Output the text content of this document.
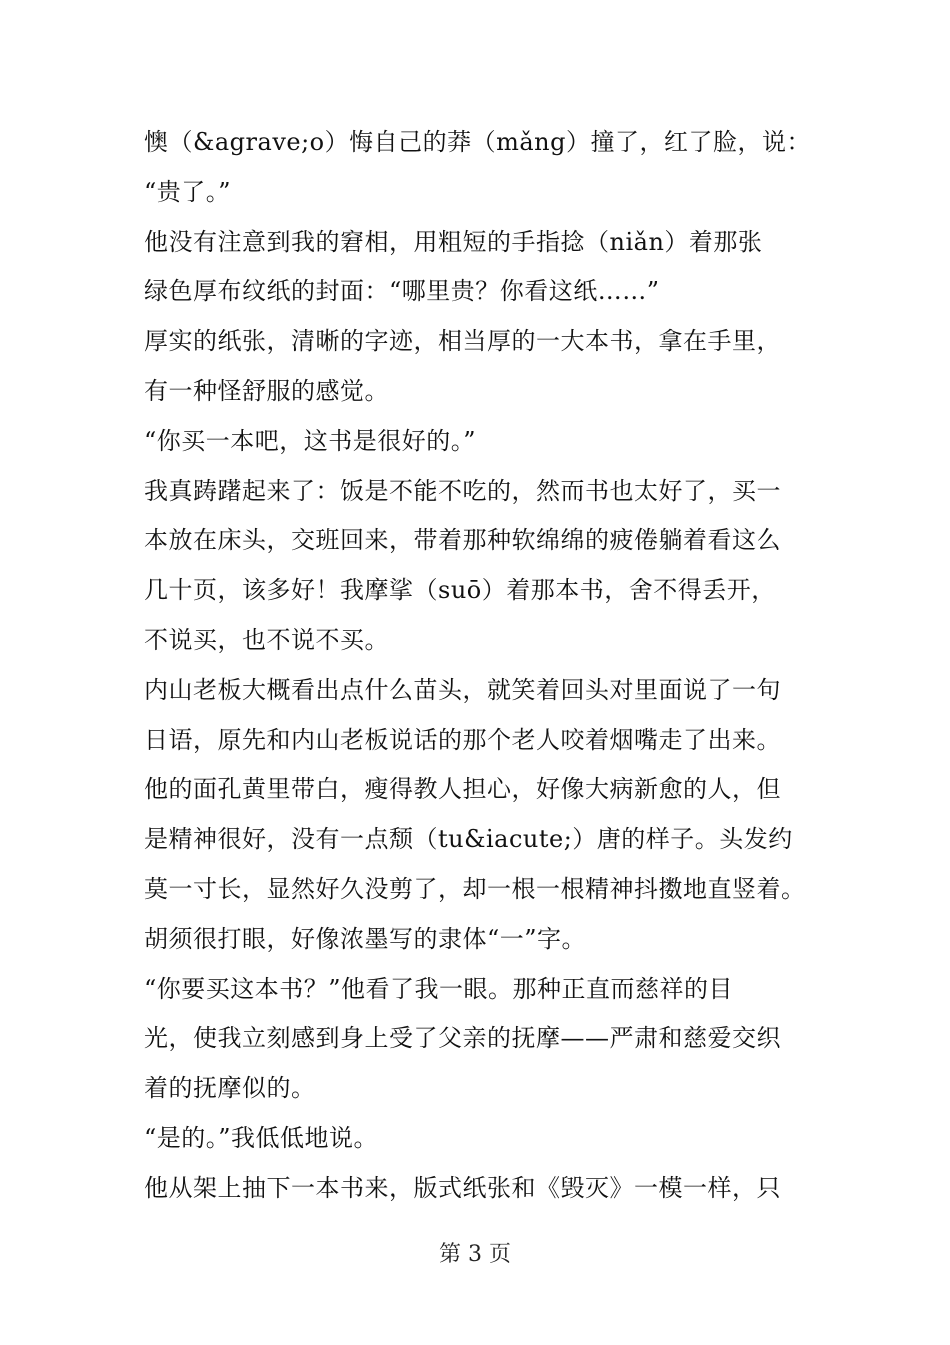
懊（&agrave;o）悔自己的莽（mǎng）撞了，红了脸，说：
“贵了。”
他没有注意到我的窘相，用粗短的手指捻（niǎn）着那张
绿色厚布纹纸的封面：“哪里贵？你看这纸……”
厚实的纸张，清晰的字迹，相当厚的一大本书，拿在手里，
有一种怪舒服的感觉。
“你买一本吧，这书是很好的。”
我真踌躇起来了：饭是不能不吃的，然而书也太好了，买一
本放在床头，交班回来，带着那种软绵绵的疲倦躺着看这么
几十页，该多好！我摩挲（suō）着那本书，舍不得丢开，
不说买，也不说不买。
内山老板大概看出点什么苗头，就笑着回头对里面说了一句
日语，原先和内山老板说话的那个老人咬着烟嘴走了出来。
他的面孔黄里带白，瘦得教人担心，好像大病新愈的人，但
是精神很好，没有一点颓（tu&iacute;）唐的样子。头发约
莫一寸长，显然好久没剪了，却一根一根精神抖擞地直竖着。
胡须很打眼，好像浓墨写的隶体“一”字。
“你要买这本书？”他看了我一眼。那种正直而慈祥的目
光，使我立刻感到身上受了父亲的抚摩——严肃和慈爱交织
着的抚摩似的。
“是的。”我低低地说。
他从架上抽下一本书来，版式纸张和《毁灭》一模一样，只
第 3 页
